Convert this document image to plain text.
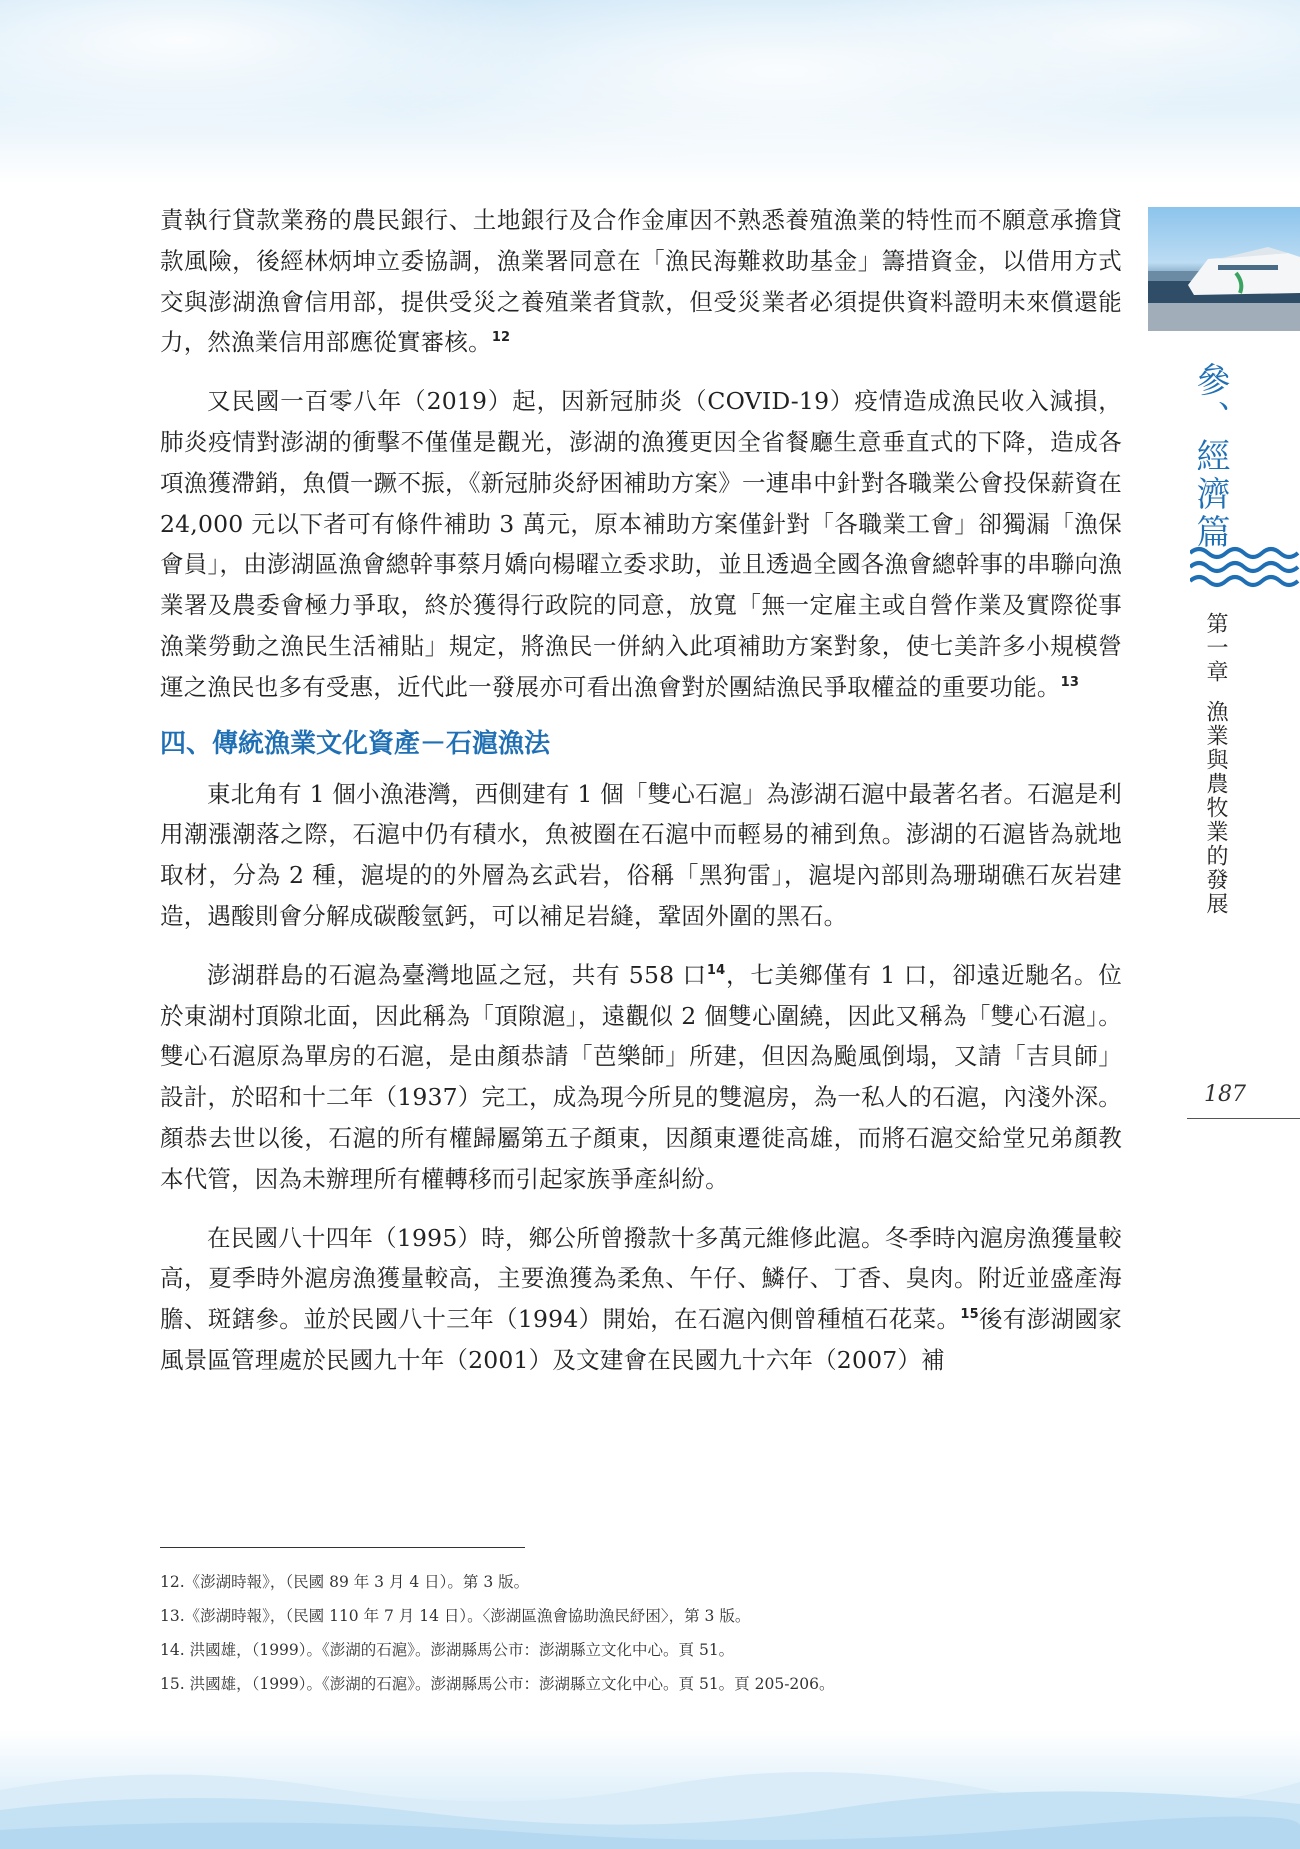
責執行貸款業務的農民銀行、土地銀行及合作金庫因不熟悉養殖漁業的特性而不願意承擔貸款風險，後經林炳坤立委協調，漁業署同意在「漁民海難救助基金」籌措資金，以借用方式交與澎湖漁會信用部，提供受災之養殖業者貸款，但受災業者必須提供資料證明未來償還能力，然漁業信用部應從實審核。$^{12}$

又民國一百零八年（2019）起，因新冠肺炎（COVID-19）疫情造成漁民收入減損，肺炎疫情對澎湖的衝擊不僅僅是觀光，澎湖的漁獲更因全省餐廳生意垂直式的下降，造成各項漁獲滯銷，魚價一蹶不振，《新冠肺炎紓困補助方案》一連串中針對各職業公會投保薪資在 24,000 元以下者可有條件補助 3 萬元，原本補助方案僅針對「各職業工會」卻獨漏「漁保會員」，由澎湖區漁會總幹事蔡月嬌向楊曜立委求助，並且透過全國各漁會總幹事的串聯向漁業署及農委會極力爭取，終於獲得行政院的同意，放寬「無一定雇主或自營作業及實際從事漁業勞動之漁民生活補貼」規定，將漁民一併納入此項補助方案對象，使七美許多小規模營運之漁民也多有受惠，近代此一發展亦可看出漁會對於團結漁民爭取權益的重要功能。$^{13}$

四、傳統漁業文化資產－石滬漁法

東北角有 1 個小漁港灣，西側建有 1 個「雙心石滬」為澎湖石滬中最著名者。石滬是利用潮漲潮落之際，石滬中仍有積水，魚被圈在石滬中而輕易的補到魚。澎湖的石滬皆為就地取材，分為 2 種，滬堤的的外層為玄武岩，俗稱「黑狗雷」，滬堤內部則為珊瑚礁石灰岩建造，遇酸則會分解成碳酸氫鈣，可以補足岩縫，鞏固外圍的黑石。

澎湖群島的石滬為臺灣地區之冠，共有 558 口$^{14}$，七美鄉僅有 1 口，卻遠近馳名。位於東湖村頂隙北面，因此稱為「頂隙滬」，遠觀似 2 個雙心圍繞，因此又稱為「雙心石滬」。雙心石滬原為單房的石滬，是由顏恭請「芭樂師」所建，但因為颱風倒塌，又請「吉貝師」設計，於昭和十二年（1937）完工，成為現今所見的雙滬房，為一私人的石滬，內淺外深。顏恭去世以後，石滬的所有權歸屬第五子顏東，因顏東遷徙高雄，而將石滬交給堂兄弟顏教本代管，因為未辦理所有權轉移而引起家族爭產糾紛。

在民國八十四年（1995）時，鄉公所曾撥款十多萬元維修此滬。冬季時內滬房漁獲量較高，夏季時外滬房漁獲量較高，主要漁獲為柔魚、午仔、鱗仔、丁香、臭肉。附近並盛產海膽、斑鎋參。並於民國八十三年（1994）開始，在石滬內側曾種植石花菜。$^{15}$後有澎湖國家風景區管理處於民國九十年（2001）及文建會在民國九十六年（2007）補

12.《澎湖時報》，（民國 89 年 3 月 4 日）。第 3 版。
13.《澎湖時報》，（民國 110 年 7 月 14 日）。〈澎湖區漁會協助漁民紓困〉，第 3 版。
14. 洪國雄，（1999）。《澎湖的石滬》。澎湖縣馬公市：澎湖縣立文化中心。頁 51。
15. 洪國雄，（1999）。《澎湖的石滬》。澎湖縣馬公市：澎湖縣立文化中心。頁 51。頁 205-206。
參、經濟篇
第一章
漁業與農牧業的發展
187
